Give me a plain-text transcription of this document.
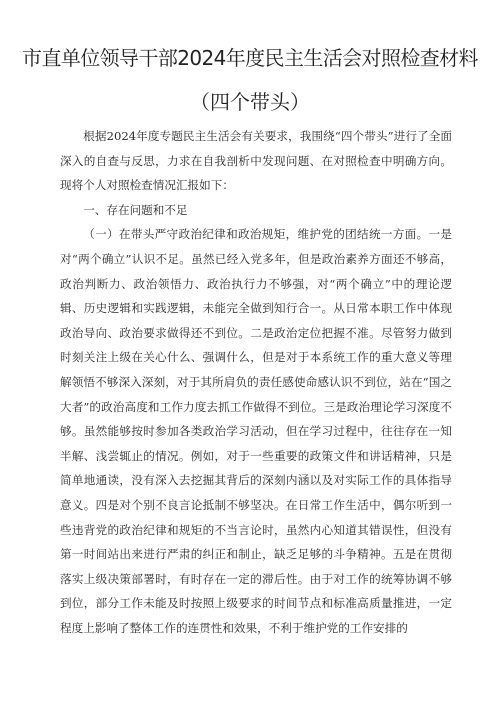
市直单位领导干部2024年度民主生活会对照检查材料
（四个带头）

根据2024年度专题民主生活会有关要求，我围绕“四个带头”进行了全面深入的自查与反思，力求在自我剖析中发现问题、在对照检查中明确方向。现将个人对照检查情况汇报如下：

一、存在问题和不足

（一）在带头严守政治纪律和政治规矩，维护党的团结统一方面。一是对“两个确立”认识不足。虽然已经入党多年，但是政治素养方面还不够高，政治判断力、政治领悟力、政治执行力不够强，对“两个确立”中的理论逻辑、历史逻辑和实践逻辑，未能完全做到知行合一。从日常本职工作中体现政治导向、政治要求做得还不到位。二是政治定位把握不准。尽管努力做到时刻关注上级在关心什么、强调什么，但是对于本系统工作的重大意义等理解领悟不够深入深刻，对于其所肩负的责任感使命感认识不到位，站在“国之大者”的政治高度和工作力度去抓工作做得不到位。三是政治理论学习深度不够。虽然能够按时参加各类政治学习活动，但在学习过程中，往往存在一知半解、浅尝辄止的情况。例如，对于一些重要的政策文件和讲话精神，只是简单地通读，没有深入去挖掘其背后的深刻内涵以及对实际工作的具体指导意义。四是对个别不良言论抵制不够坚决。在日常工作生活中，偶尔听到一些违背党的政治纪律和规矩的不当言论时，虽然内心知道其错误性，但没有第一时间站出来进行严肃的纠正和制止，缺乏足够的斗争精神。五是在贯彻落实上级决策部署时，有时存在一定的滞后性。由于对工作的统筹协调不够到位，部分工作未能及时按照上级要求的时间节点和标准高质量推进，一定程度上影响了整体工作的连贯性和效果，不利于维护党的工作安排的
